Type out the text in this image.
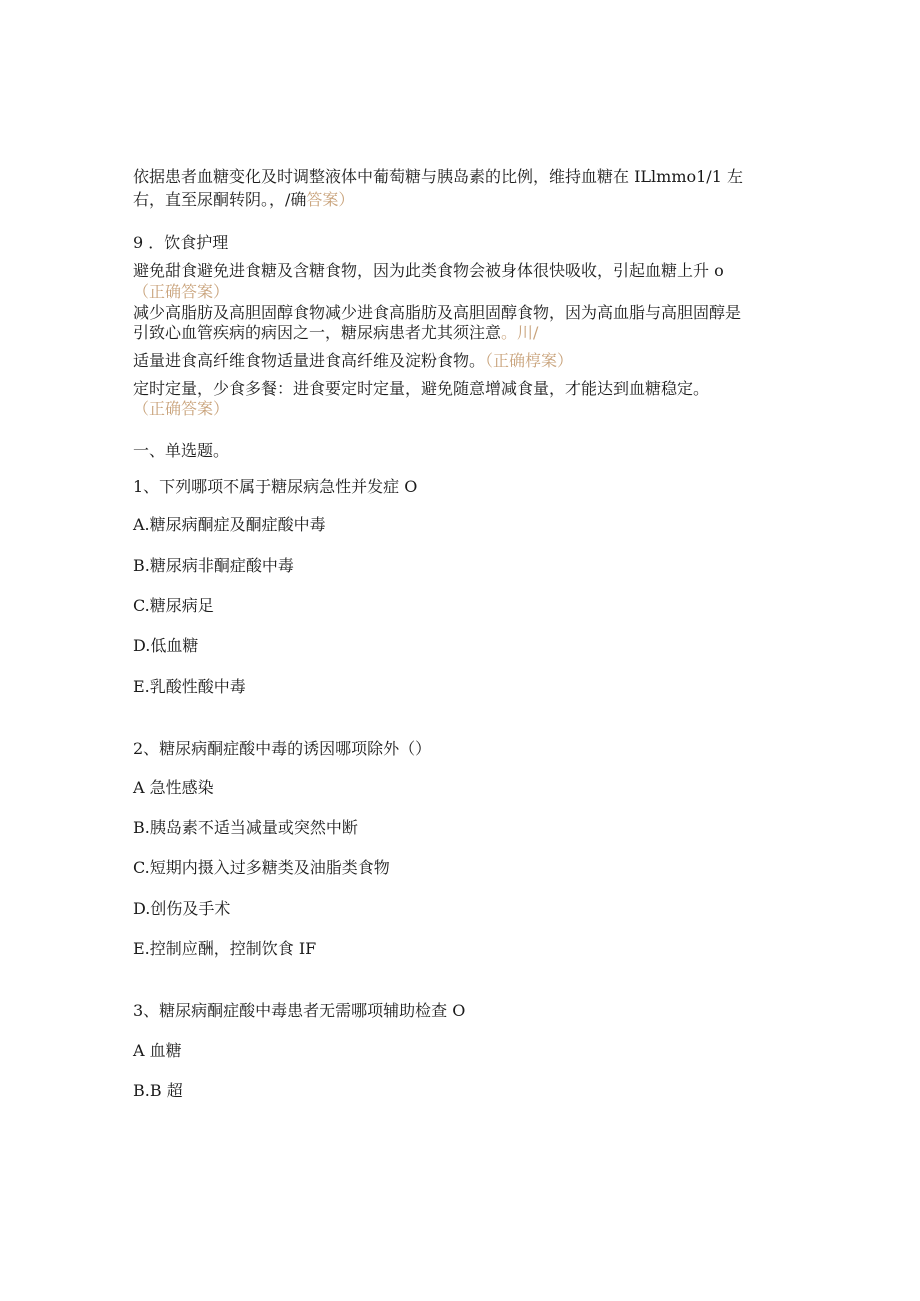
依据患者血糖变化及时调整液体中葡萄糖与胰岛素的比例，维持血糖在 ILlmmo1/1 左
右，直至尿酮转阴。，/确答案）
9 ．饮食护理
避免甜食避免进食糖及含糖食物，因为此类食物会被身体很快吸收，引起血糖上升 o
（正确答案）
减少高脂肪及高胆固醇食物减少进食高脂肪及高胆固醇食物，因为高血脂与高胆固醇是
引致心血管疾病的病因之一，糖尿病患者尤其须注意。川/
适量进食高纤维食物适量进食高纤维及淀粉食物。（正确椁案）
定时定量，少食多餐：进食要定时定量，避免随意增减食量，才能达到血糖稳定。
（正确答案）
一、单选题。
1、下列哪项不属于糖尿病急性并发症 O
A.糖尿病酮症及酮症酸中毒
B.糖尿病非酮症酸中毒
C.糖尿病足
D.低血糖
E.乳酸性酸中毒
2、糖尿病酮症酸中毒的诱因哪项除外（）
A 急性感染
B.胰岛素不适当减量或突然中断
C.短期内摄入过多糖类及油脂类食物
D.创伤及手术
E.控制应酬，控制饮食 IF
3、糖尿病酮症酸中毒患者无需哪项辅助检查 O
A 血糖
B.B 超
